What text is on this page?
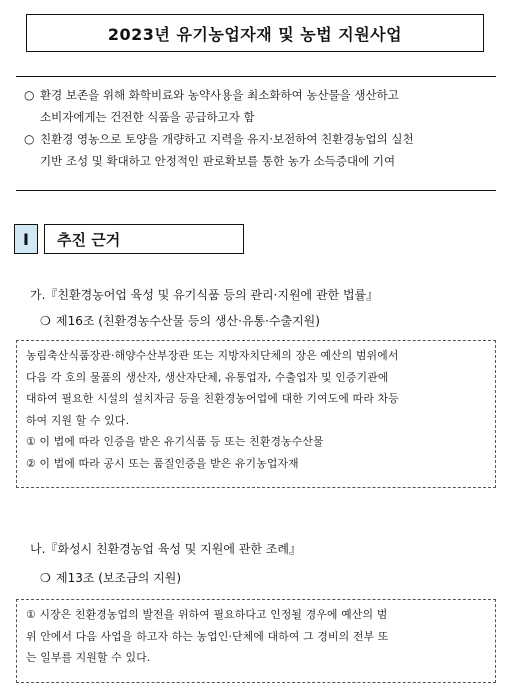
2023년 유기농업자재 및 농법 지원사업
○ 환경 보존을 위해 화학비료와 농약사용을 최소화하여 농산물을 생산하고
소비자에게는 건전한 식품을 공급하고자 함
○ 친환경 영농으로 토양을 개량하고 지력을 유지·보전하여 친환경농업의 실천
기반 조성 및 확대하고 안정적인 판로확보를 통한 농가 소득증대에 기여
Ⅰ	추진 근거
가.『친환경농어업 육성 및 유기식품 등의 관리·지원에 관한 법률』
❍ 제16조 (친환경농수산물 등의 생산·유통·수출지원)

농림축산식품장관·해양수산부장관 또는 지방자치단체의 장은 예산의 범위에서

다음 각 호의 물품의 생산자, 생산자단체, 유통업자, 수출업자 및 인증기관에

대하여 필요한 시설의 설치자금 등을 친환경농어업에 대한 기여도에 따라 차등

하여 지원 할 수 있다.

① 이 법에 따라 인증을 받은 유기식품 등 또는 친환경농수산물

② 이 법에 따라 공시 또는 품질인증을 받은 유기농업자재

나.『화성시 친환경농업 육성 및 지원에 관한 조례』
❍ 제13조 (보조금의 지원)

① 시장은 친환경농업의 발전을 위하여 필요하다고 인정될 경우에 예산의 범

위 안에서 다음 사업을 하고자 하는 농업인·단체에 대하여 그 경비의 전부 또

는 일부를 지원할 수 있다.
